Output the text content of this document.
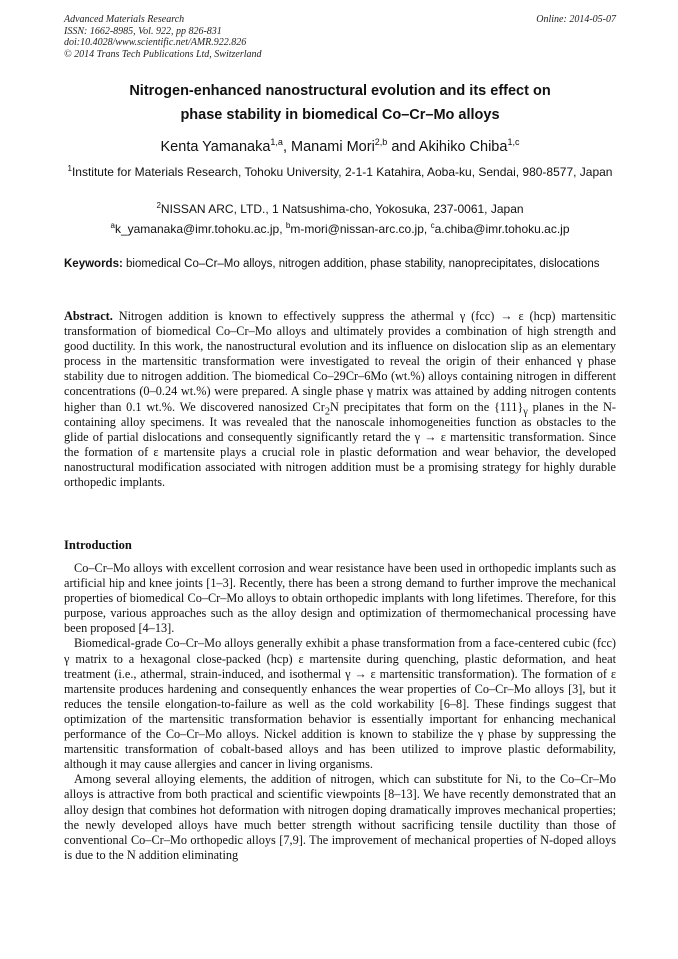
Advanced Materials Research
ISSN: 1662-8985, Vol. 922, pp 826-831
doi:10.4028/www.scientific.net/AMR.922.826
© 2014 Trans Tech Publications Ltd, Switzerland
Online: 2014-05-07
Nitrogen-enhanced nanostructural evolution and its effect on
phase stability in biomedical Co–Cr–Mo alloys
Kenta Yamanaka$^{1,a}$, Manami Mori$^{2,b}$ and Akihiko Chiba$^{1,c}$
$^1$Institute for Materials Research, Tohoku University, 2-1-1 Katahira, Aoba-ku, Sendai, 980-8577, Japan
$^2$NISSAN ARC, LTD., 1 Natsushima-cho, Yokosuka, 237-0061, Japan
$^a$k_yamanaka@imr.tohoku.ac.jp, $^b$m-mori@nissan-arc.co.jp, $^c$a.chiba@imr.tohoku.ac.jp
Keywords: biomedical Co–Cr–Mo alloys, nitrogen addition, phase stability, nanoprecipitates, dislocations
Abstract. Nitrogen addition is known to effectively suppress the athermal γ (fcc) → ε (hcp) martensitic transformation of biomedical Co–Cr–Mo alloys and ultimately provides a combination of high strength and good ductility. In this work, the nanostructural evolution and its influence on dislocation slip as an elementary process in the martensitic transformation were investigated to reveal the origin of their enhanced γ phase stability due to nitrogen addition. The biomedical Co–29Cr–6Mo (wt.%) alloys containing nitrogen in different concentrations (0–0.24 wt.%) were prepared. A single phase γ matrix was attained by adding nitrogen contents higher than 0.1 wt.%. We discovered nanosized $Cr_2N$ precipitates that form on the $\{111\}_\gamma$ planes in the N-containing alloy specimens. It was revealed that the nanoscale inhomogeneities function as obstacles to the glide of partial dislocations and consequently significantly retard the γ → ε martensitic transformation. Since the formation of ε martensite plays a crucial role in plastic deformation and wear behavior, the developed nanostructural modification associated with nitrogen addition must be a promising strategy for highly durable orthopedic implants.
Introduction

Co–Cr–Mo alloys with excellent corrosion and wear resistance have been used in orthopedic implants such as artificial hip and knee joints [1–3]. Recently, there has been a strong demand to further improve the mechanical properties of biomedical Co–Cr–Mo alloys to obtain orthopedic implants with long lifetimes. Therefore, for this purpose, various approaches such as the alloy design and optimization of thermomechanical processing have been proposed [4–13].

Biomedical-grade Co–Cr–Mo alloys generally exhibit a phase transformation from a face-centered cubic (fcc) γ matrix to a hexagonal close-packed (hcp) ε martensite during quenching, plastic deformation, and heat treatment (i.e., athermal, strain-induced, and isothermal γ → ε martensitic transformation). The formation of ε martensite produces hardening and consequently enhances the wear properties of Co–Cr–Mo alloys [3], but it reduces the tensile elongation-to-failure as well as the cold workability [6–8]. These findings suggest that optimization of the martensitic transformation behavior is essentially important for enhancing mechanical performance of the Co–Cr–Mo alloys. Nickel addition is known to stabilize the γ phase by suppressing the martensitic transformation of cobalt-based alloys and has been utilized to improve plastic deformability, although it may cause allergies and cancer in living organisms.

Among several alloying elements, the addition of nitrogen, which can substitute for Ni, to the Co–Cr–Mo alloys is attractive from both practical and scientific viewpoints [8–13]. We have recently demonstrated that an alloy design that combines hot deformation with nitrogen doping dramatically improves mechanical properties; the newly developed alloys have much better strength without sacrificing tensile ductility than those of conventional Co–Cr–Mo orthopedic alloys [7,9]. The improvement of mechanical properties of N-doped alloys is due to the N addition eliminating
